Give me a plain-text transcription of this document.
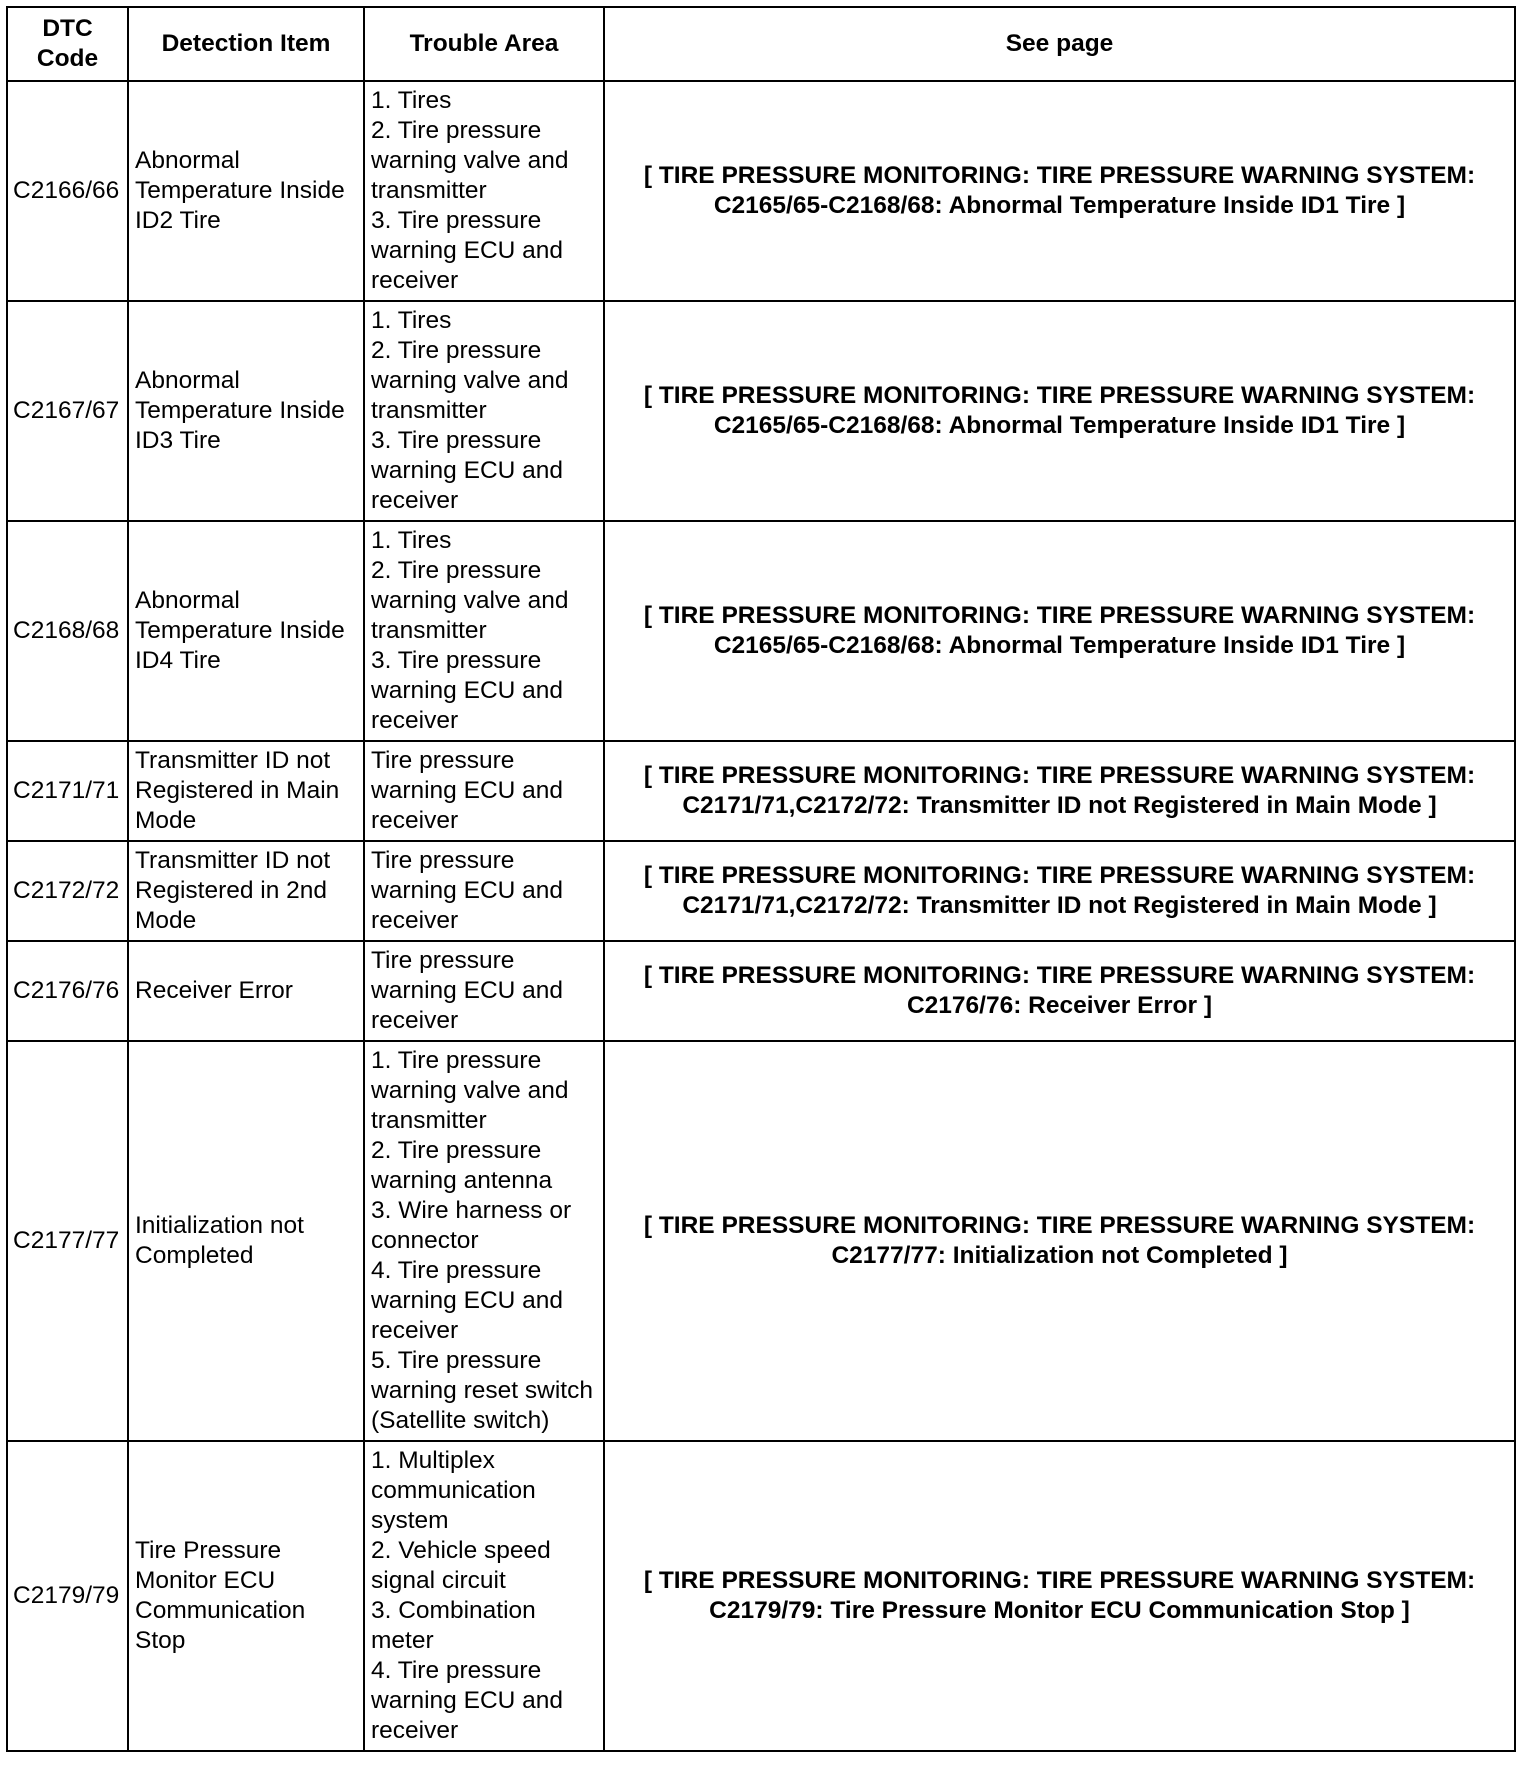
DTC
Code	Detection Item	Trouble Area	See page
C2166/66	Abnormal Temperature Inside ID2 Tire	1. Tires
2. Tire pressure warning valve and transmitter
3. Tire pressure warning ECU and receiver	[ TIRE PRESSURE MONITORING: TIRE PRESSURE WARNING SYSTEM:
C2165/65-C2168/68: Abnormal Temperature Inside ID1 Tire ]

C2167/67	Abnormal Temperature Inside ID3 Tire	1. Tires
2. Tire pressure warning valve and transmitter
3. Tire pressure warning ECU and receiver	[ TIRE PRESSURE MONITORING: TIRE PRESSURE WARNING SYSTEM:
C2165/65-C2168/68: Abnormal Temperature Inside ID1 Tire ]

C2168/68	Abnormal Temperature Inside ID4 Tire	1. Tires
2. Tire pressure warning valve and transmitter
3. Tire pressure warning ECU and receiver	[ TIRE PRESSURE MONITORING: TIRE PRESSURE WARNING SYSTEM:
C2165/65-C2168/68: Abnormal Temperature Inside ID1 Tire ]

C2171/71	Transmitter ID not Registered in Main Mode	Tire pressure warning ECU and receiver	[ TIRE PRESSURE MONITORING: TIRE PRESSURE WARNING SYSTEM:
C2171/71,C2172/72: Transmitter ID not Registered in Main Mode ]

C2172/72	Transmitter ID not Registered in 2nd Mode	Tire pressure warning ECU and receiver	[ TIRE PRESSURE MONITORING: TIRE PRESSURE WARNING SYSTEM:
C2171/71,C2172/72: Transmitter ID not Registered in Main Mode ]

C2176/76	Receiver Error	Tire pressure warning ECU and receiver	[ TIRE PRESSURE MONITORING: TIRE PRESSURE WARNING SYSTEM:
C2176/76: Receiver Error ]

C2177/77	Initialization not Completed	1. Tire pressure warning valve and transmitter
2. Tire pressure warning antenna
3. Wire harness or connector
4. Tire pressure warning ECU and receiver
5. Tire pressure warning reset switch (Satellite switch)	[ TIRE PRESSURE MONITORING: TIRE PRESSURE WARNING SYSTEM:
C2177/77: Initialization not Completed ]

C2179/79	Tire Pressure Monitor ECU Communication Stop	1. Multiplex communication system
2. Vehicle speed signal circuit
3. Combination meter
4. Tire pressure warning ECU and receiver	[ TIRE PRESSURE MONITORING: TIRE PRESSURE WARNING SYSTEM:
C2179/79: Tire Pressure Monitor ECU Communication Stop ]
